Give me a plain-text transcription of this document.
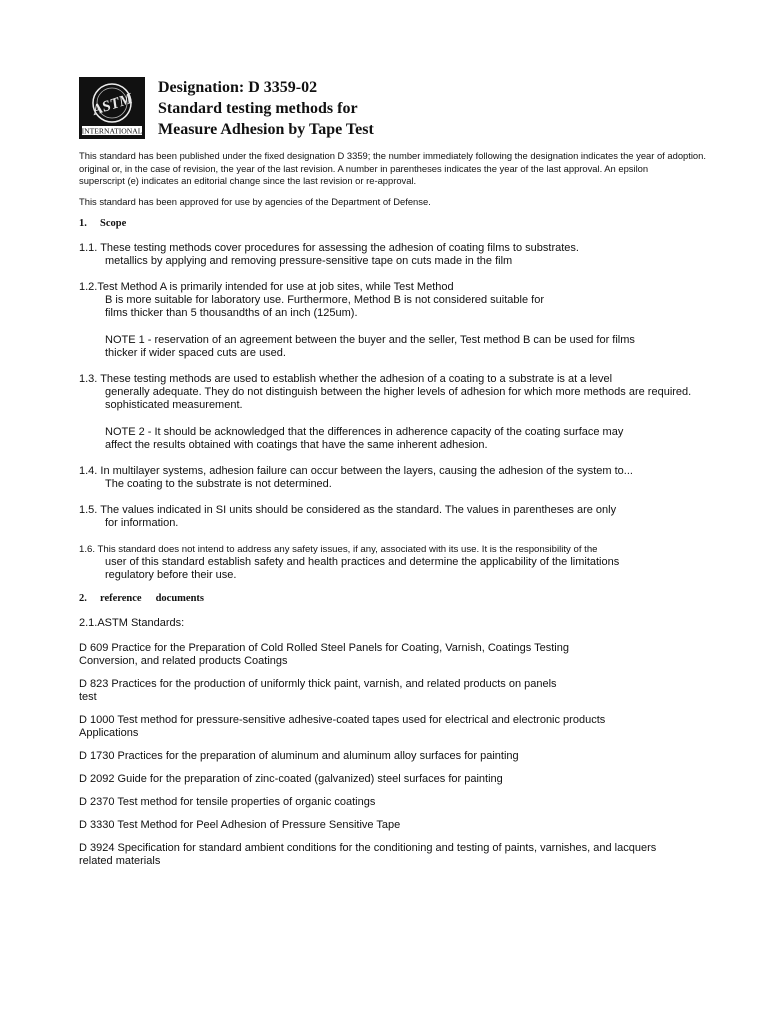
ASTM
INTERNATIONAL
Designation: D 3359-02
Standard testing methods for
Measure Adhesion by Tape Test
This standard has been published under the fixed designation D 3359; the number immediately following the designation indicates the year of adoption.
original or, in the case of revision, the year of the last revision. A number in parentheses indicates the year of the last approval. An epsilon
superscript (e) indicates an editorial change since the last revision or re-approval.
This standard has been approved for use by agencies of the Department of Defense.
1. Scope
1.1. These testing methods cover procedures for assessing the adhesion of coating films to substrates.
metallics by applying and removing pressure-sensitive tape on cuts made in the film
1.2.Test Method A is primarily intended for use at job sites, while Test Method
B is more suitable for laboratory use. Furthermore, Method B is not considered suitable for
films thicker than 5 thousandths of an inch (125um).
NOTE 1 - reservation of an agreement between the buyer and the seller, Test method B can be used for films
thicker if wider spaced cuts are used.
1.3. These testing methods are used to establish whether the adhesion of a coating to a substrate is at a level
generally adequate. They do not distinguish between the higher levels of adhesion for which more methods are required.
sophisticated measurement.
NOTE 2 - It should be acknowledged that the differences in adherence capacity of the coating surface may
affect the results obtained with coatings that have the same inherent adhesion.
1.4. In multilayer systems, adhesion failure can occur between the layers, causing the adhesion of the system to...
The coating to the substrate is not determined.
1.5. The values indicated in SI units should be considered as the standard. The values in parentheses are only
for information.
1.6. This standard does not intend to address any safety issues, if any, associated with its use. It is the responsibility of the
user of this standard establish safety and health practices and determine the applicability of the limitations
regulatory before their use.
2. reference documents
2.1.ASTM Standards:
D 609 Practice for the Preparation of Cold Rolled Steel Panels for Coating, Varnish, Coatings Testing
Conversion, and related products Coatings
D 823 Practices for the production of uniformly thick paint, varnish, and related products on panels
test
D 1000 Test method for pressure-sensitive adhesive-coated tapes used for electrical and electronic products
Applications
D 1730 Practices for the preparation of aluminum and aluminum alloy surfaces for painting
D 2092 Guide for the preparation of zinc-coated (galvanized) steel surfaces for painting
D 2370 Test method for tensile properties of organic coatings
D 3330 Test Method for Peel Adhesion of Pressure Sensitive Tape
D 3924 Specification for standard ambient conditions for the conditioning and testing of paints, varnishes, and lacquers
related materials
